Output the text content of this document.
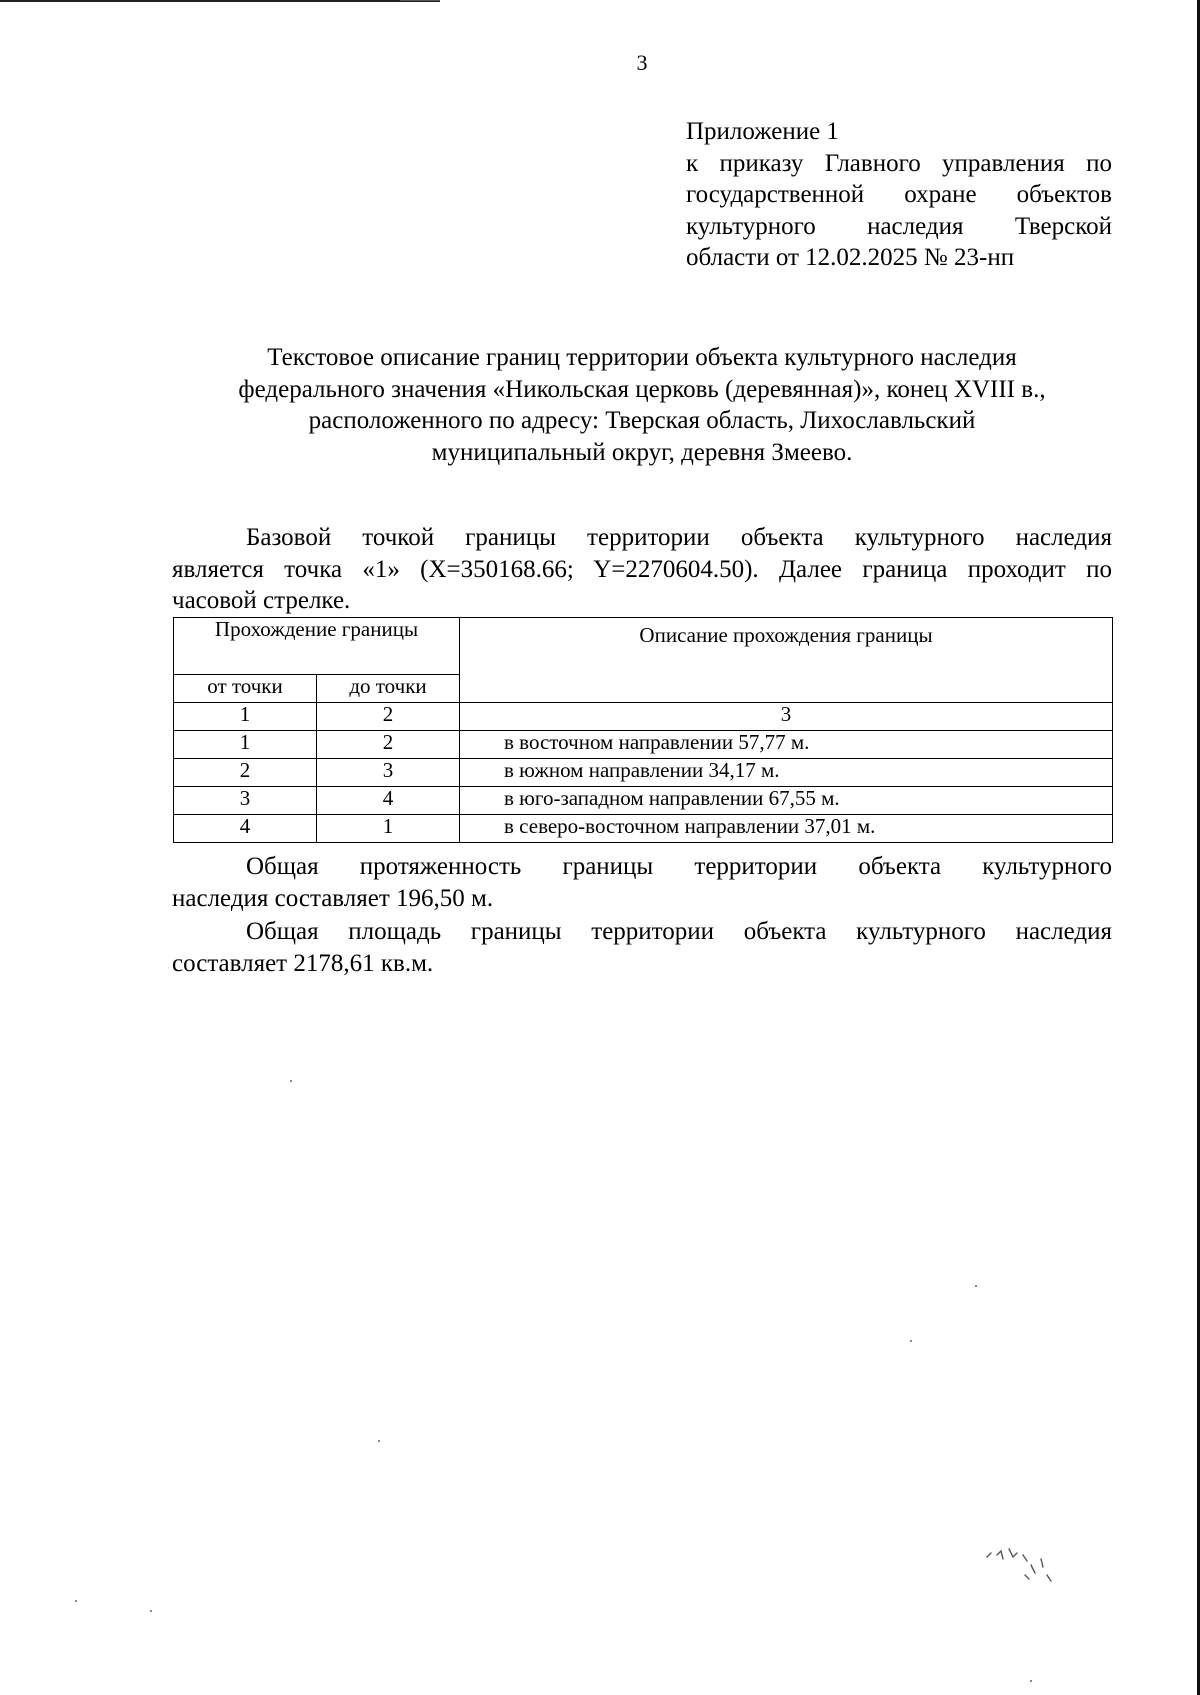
3
Приложение 1
к приказу Главного управления по
государственной охране объектов
культурного наследия Тверской
области от 12.02.2025 № 23-нп
Текстовое описание границ территории объекта культурного наследия
федерального значения «Никольская церковь (деревянная)», конец XVIII в.,
расположенного по адресу: Тверская область, Лихославльский
муниципальный округ, деревня Змеево.
Базовой точкой границы территории объекта культурного наследия
является точка «1» (X=350168.66; Y=2270604.50). Далее граница проходит по
часовой стрелке.
Прохождение границы		Описание прохождения границы
от точки	до точки	
1	2	3
1	2	в восточном направлении 57,77 м.
2	3	в южном направлении 34,17 м.
3	4	в юго-западном направлении 67,55 м.
4	1	в северо-восточном направлении 37,01 м.
Общая протяженность границы территории объекта культурного
наследия составляет 196,50 м.
Общая площадь границы территории объекта культурного наследия
составляет 2178,61 кв.м.
